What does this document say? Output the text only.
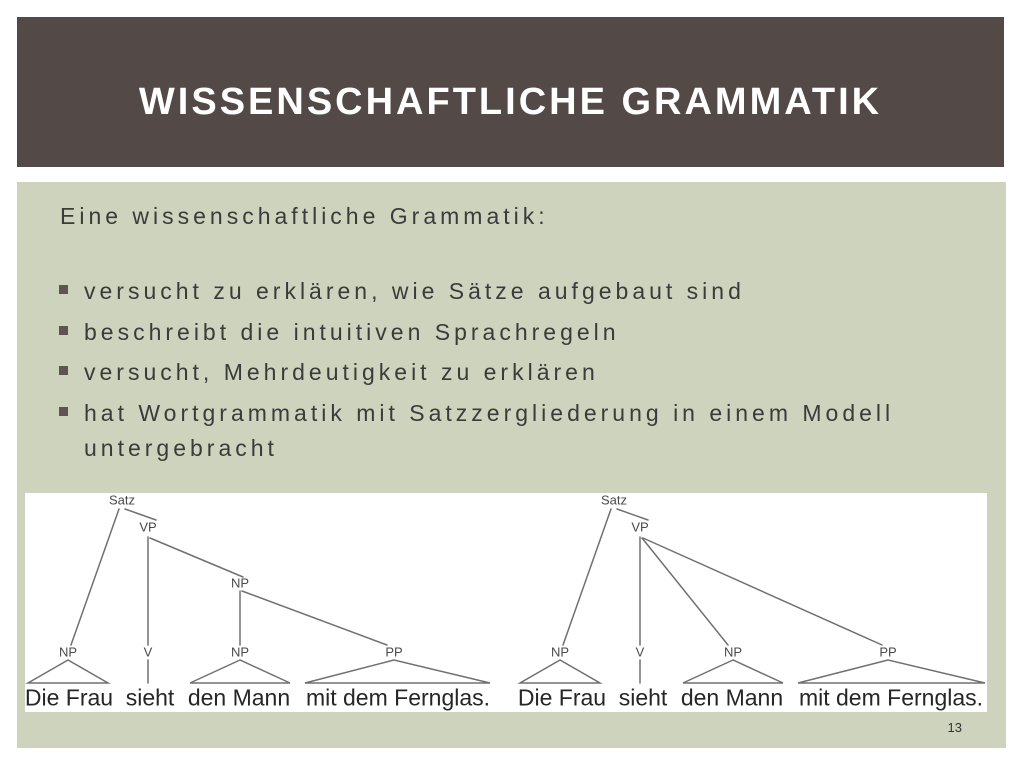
WISSENSCHAFTLICHE GRAMMATIK

Eine wissenschaftliche Grammatik:

versucht zu erklären, wie Sätze aufgebaut sind
beschreibt die intuitiven Sprachregeln
versucht, Mehrdeutigkeit zu erklären
hat Wortgrammatik mit Satzzergliederung in einem Modell untergebracht
Satz
VP
NP
NP	V	NP	PP
Die Frau sieht den Mann mit dem Fernglas.
Satz
VP
NP	V	NP	PP
Die Frau sieht den Mann mit dem Fernglas.
13
